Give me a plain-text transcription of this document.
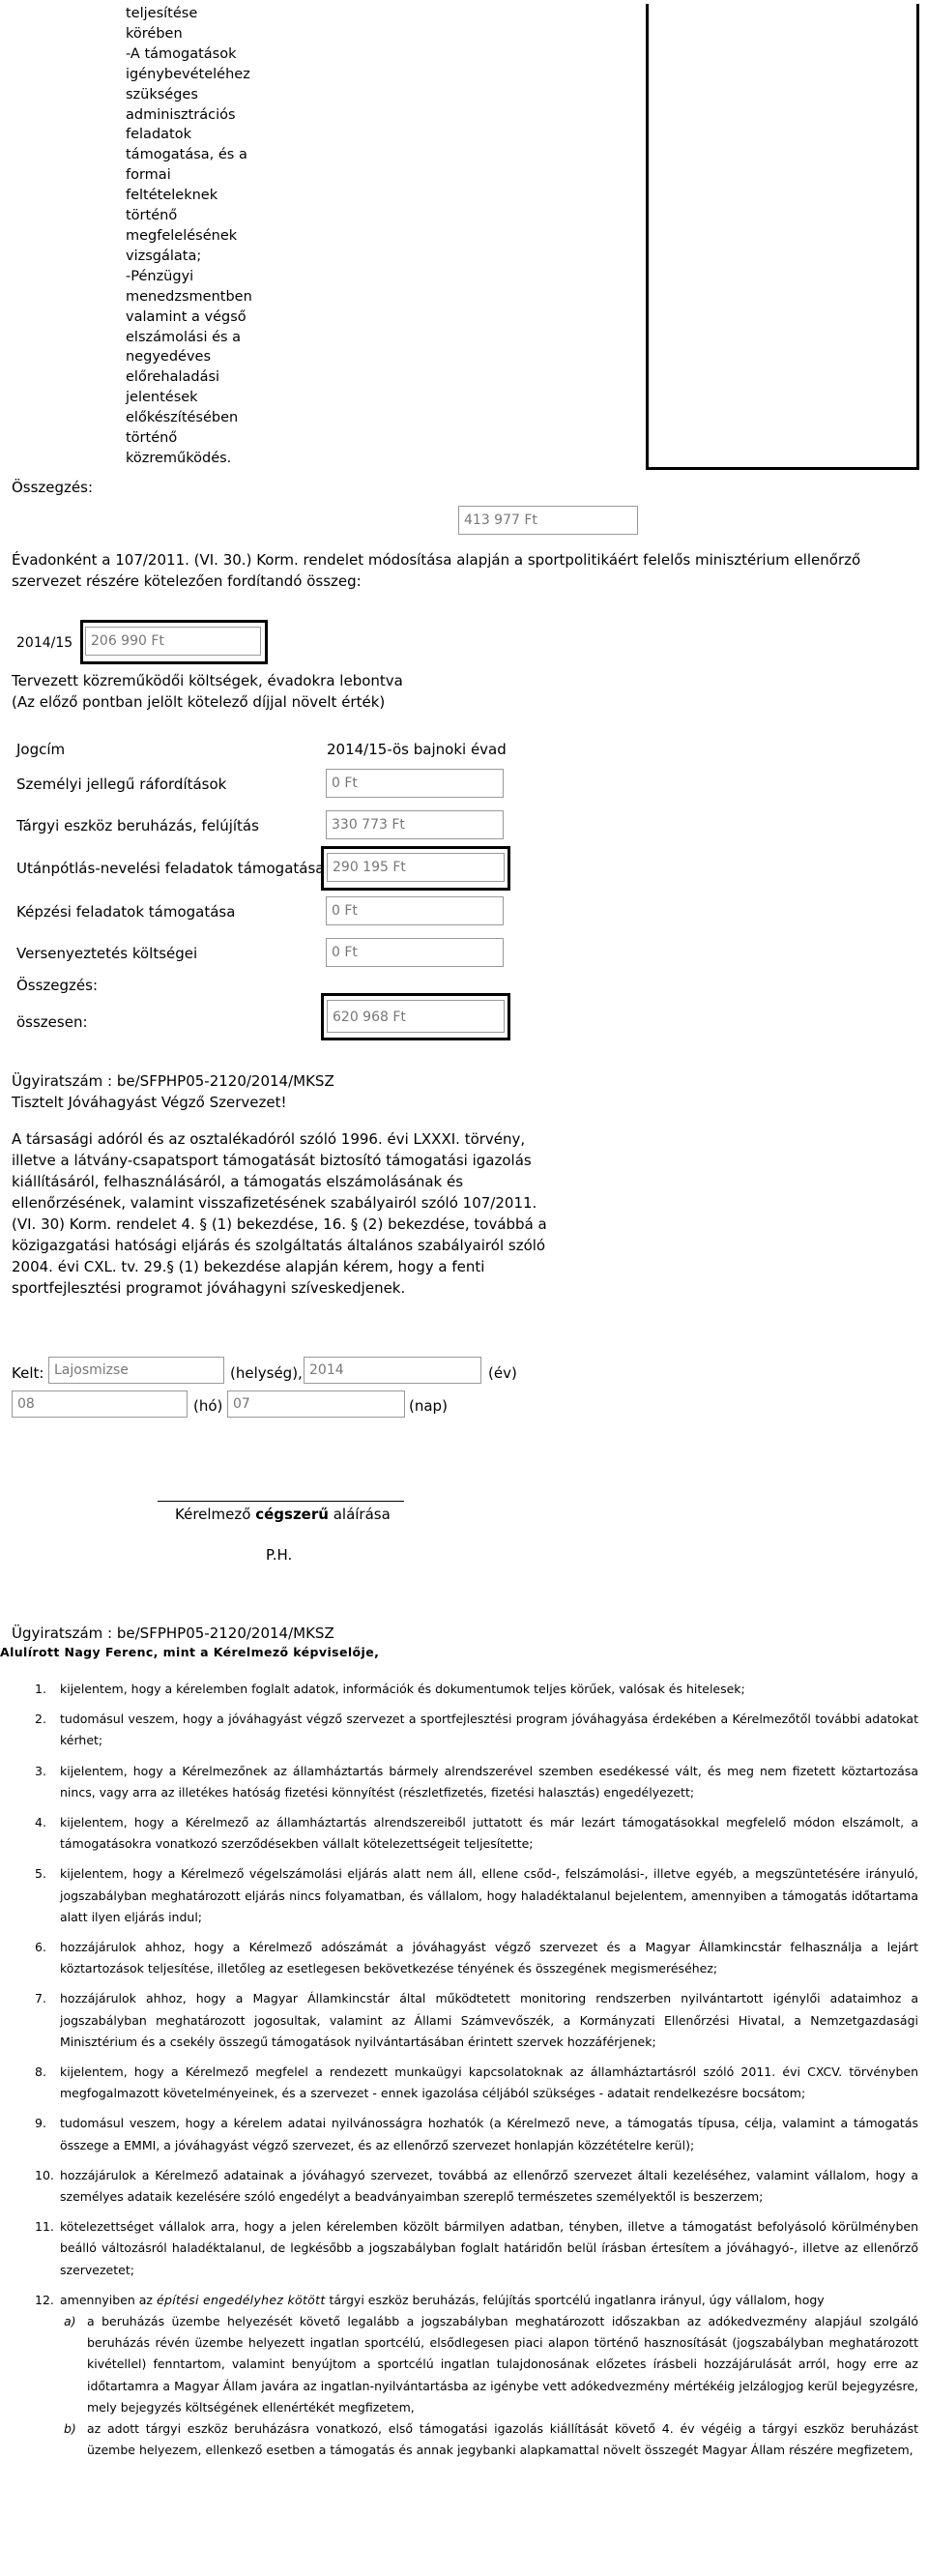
teljesítése
körében
-A támogatások
igénybevételéhez
szükséges
adminisztrációs
feladatok
támogatása, és a
formai
feltételeknek
történő
megfelelésének
vizsgálata;
-Pénzügyi
menedzsmentben
valamint a végső
elszámolási és a
negyedéves
előrehaladási
jelentések
előkészítésében
történő
közreműködés.
Összegzés:
413 977 Ft
Évadonként a 107/2011. (VI. 30.) Korm. rendelet módosítása alapján a sportpolitikáért felelős minisztérium ellenőrző szervezet részére kötelezően fordítandó összeg:
2014/15	206 990 Ft
Tervezett közreműködői költségek, évadokra lebontva
(Az előző pontban jelölt kötelező díjjal növelt érték)
Jogcím	2014/15-ös bajnoki évad
Személyi jellegű ráfordítások	0 Ft
Tárgyi eszköz beruházás, felújítás	330 773 Ft
Utánpótlás-nevelési feladatok támogatása 290 195 Ft
Képzési feladatok támogatása	0 Ft
Versenyeztetés költségei	0 Ft
Összegzés:
összesen:	620 968 Ft
Ügyiratszám : be/SFPHP05-2120/2014/MKSZ
Tisztelt Jóváhagyást Végző Szervezet!
A társasági adóról és az osztalékadóról szóló 1996. évi LXXXI. törvény, illetve a látvány-csapatsport támogatását biztosító támogatási igazolás kiállításáról, felhasználásáról, a támogatás elszámolásának és ellenőrzésének, valamint visszafizetésének szabályairól szóló 107/2011. (VI. 30) Korm. rendelet 4. § (1) bekezdése, 16. § (2) bekezdése, továbbá a közigazgatási hatósági eljárás és szolgáltatás általános szabályairól szóló 2004. évi CXL. tv. 29.§ (1) bekezdése alapján kérem, hogy a fenti sportfejlesztési programot jóváhagyni szíveskedjenek.
Kelt: Lajosmizse	(helység), 2014	(év)
08	(hó) 07	(nap)
Kérelmező cégszerű aláírása
P.H.
Ügyiratszám : be/SFPHP05-2120/2014/MKSZ
Alulírott Nagy Ferenc, mint a Kérelmező képviselője,
1. kijelentem, hogy a kérelemben foglalt adatok, információk és dokumentumok teljes körűek, valósak és hitelesek;
2. tudomásul veszem, hogy a jóváhagyást végző szervezet a sportfejlesztési program jóváhagyása érdekében a Kérelmezőtől további adatokat kérhet;
3. kijelentem, hogy a Kérelmezőnek az államháztartás bármely alrendszerével szemben esedékessé vált, és meg nem fizetett köztartozása nincs, vagy arra az illetékes hatóság fizetési könnyítést (részletfizetés, fizetési halasztás) engedélyezett;
4. kijelentem, hogy a Kérelmező az államháztartás alrendszereiből juttatott és már lezárt támogatásokkal megfelelő módon elszámolt, a támogatásokra vonatkozó szerződésekben vállalt kötelezettségeit teljesítette;
5. kijelentem, hogy a Kérelmező végelszámolási eljárás alatt nem áll, ellene csőd-, felszámolási-, illetve egyéb, a megszüntetésére irányuló, jogszabályban meghatározott eljárás nincs folyamatban, és vállalom, hogy haladéktalanul bejelentem, amennyiben a támogatás időtartama alatt ilyen eljárás indul;
6. hozzájárulok ahhoz, hogy a Kérelmező adószámát a jóváhagyást végző szervezet és a Magyar Államkincstár felhasználja a lejárt köztartozások teljesítése, illetőleg az esetlegesen bekövetkezése tényének és összegének megismeréséhez;
7. hozzájárulok ahhoz, hogy a Magyar Államkincstár által működtetett monitoring rendszerben nyilvántartott igénylői adataimhoz a jogszabályban meghatározott jogosultak, valamint az Állami Számvevőszék, a Kormányzati Ellenőrzési Hivatal, a Nemzetgazdasági Minisztérium és a csekély összegű támogatások nyilvántartásában érintett szervek hozzáférjenek;
8. kijelentem, hogy a Kérelmező megfelel a rendezett munkaügyi kapcsolatoknak az államháztartásról szóló 2011. évi CXCV. törvényben megfogalmazott követelményeinek, és a szervezet - ennek igazolása céljából szükséges - adatait rendelkezésre bocsátom;
9. tudomásul veszem, hogy a kérelem adatai nyilvánosságra hozhatók (a Kérelmező neve, a támogatás típusa, célja, valamint a támogatás összege a EMMI, a jóváhagyást végző szervezet, és az ellenőrző szervezet honlapján közzétételre kerül);
10. hozzájárulok a Kérelmező adatainak a jóváhagyó szervezet, továbbá az ellenőrző szervezet általi kezeléséhez, valamint vállalom, hogy a személyes adataik kezelésére szóló engedélyt a beadványaimban szereplő természetes személyektől is beszerzem;
11. kötelezettséget vállalok arra, hogy a jelen kérelemben közölt bármilyen adatban, tényben, illetve a támogatást befolyásoló körülményben beálló változásról haladéktalanul, de legkésőbb a jogszabályban foglalt határidőn belül írásban értesítem a jóváhagyó-, illetve az ellenőrző szervezetet;
12. amennyiben az építési engedélyhez kötött tárgyi eszköz beruházás, felújítás sportcélú ingatlanra irányul, úgy vállalom, hogy
a) a beruházás üzembe helyezését követő legalább a jogszabályban meghatározott időszakban az adókedvezmény alapjául szolgáló beruházás révén üzembe helyezett ingatlan sportcélú, elsődlegesen piaci alapon történő hasznosítását (jogszabályban meghatározott kivétellel) fenntartom, valamint benyújtom a sportcélú ingatlan tulajdonosának előzetes írásbeli hozzájárulását arról, hogy erre az időtartamra a Magyar Állam javára az ingatlan-nyilvántartásba az igénybe vett adókedvezmény mértékéig jelzálogjog kerül bejegyzésre, mely bejegyzés költségének ellenértékét megfizetem,
b) az adott tárgyi eszköz beruházásra vonatkozó, első támogatási igazolás kiállítását követő 4. év végéig a tárgyi eszköz beruházást üzembe helyezem, ellenkező esetben a támogatás és annak jegybanki alapkamattal növelt összegét Magyar Állam részére megfizetem,
